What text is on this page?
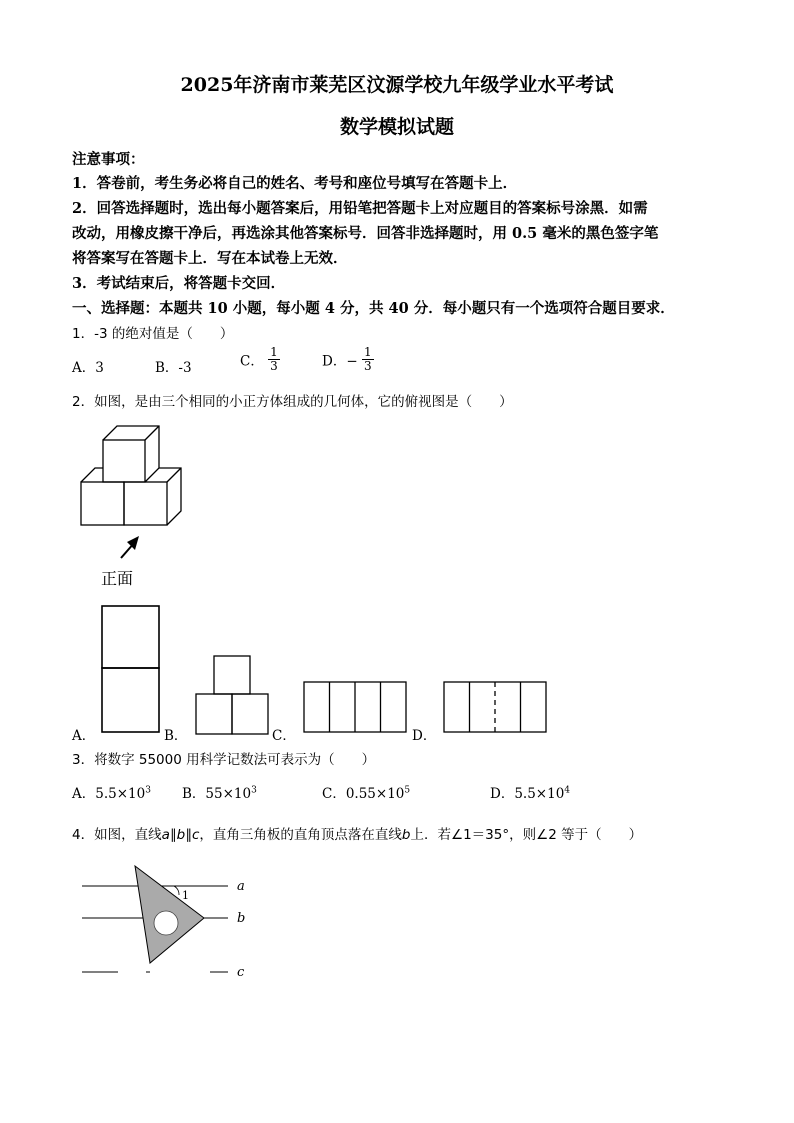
2025年济南市莱芜区汶源学校九年级学业水平考试
数学模拟试题
注意事项：
1．答卷前，考生务必将自己的姓名、考号和座位号填写在答题卡上．
2．回答选择题时，选出每小题答案后，用铅笔把答题卡上对应题目的答案标号涂黑．如需
改动，用橡皮擦干净后，再选涂其他答案标号．回答非选择题时，用 0.5 毫米的黑色签字笔
将答案写在答题卡上．写在本试卷上无效．
3．考试结束后，将答题卡交回．
一、选择题：本题共 10 小题，每小题 4 分，共 40 分．每小题只有一个选项符合题目要求．
1．-3 的绝对值是（　　）
A．3	B．-3	C． $\frac{1}{3}$	D．− $\frac{1}{3}$
2．如图，是由三个相同的小正方体组成的几何体，它的俯视图是（　　）
正面
A．	B．	C．	D．
3．将数字 55000 用科学记数法可表示为（　　）
A．$5.5\times 10^3$ B．$55\times 10^3$	C．$0.55\times 10^5$	D．$5.5\times 10^4$
4．如图，直线a∥b∥c，直角三角板的直角顶点落在直线b上．若∠1＝35°，则∠2 等于（　　）
1
a
b
c
